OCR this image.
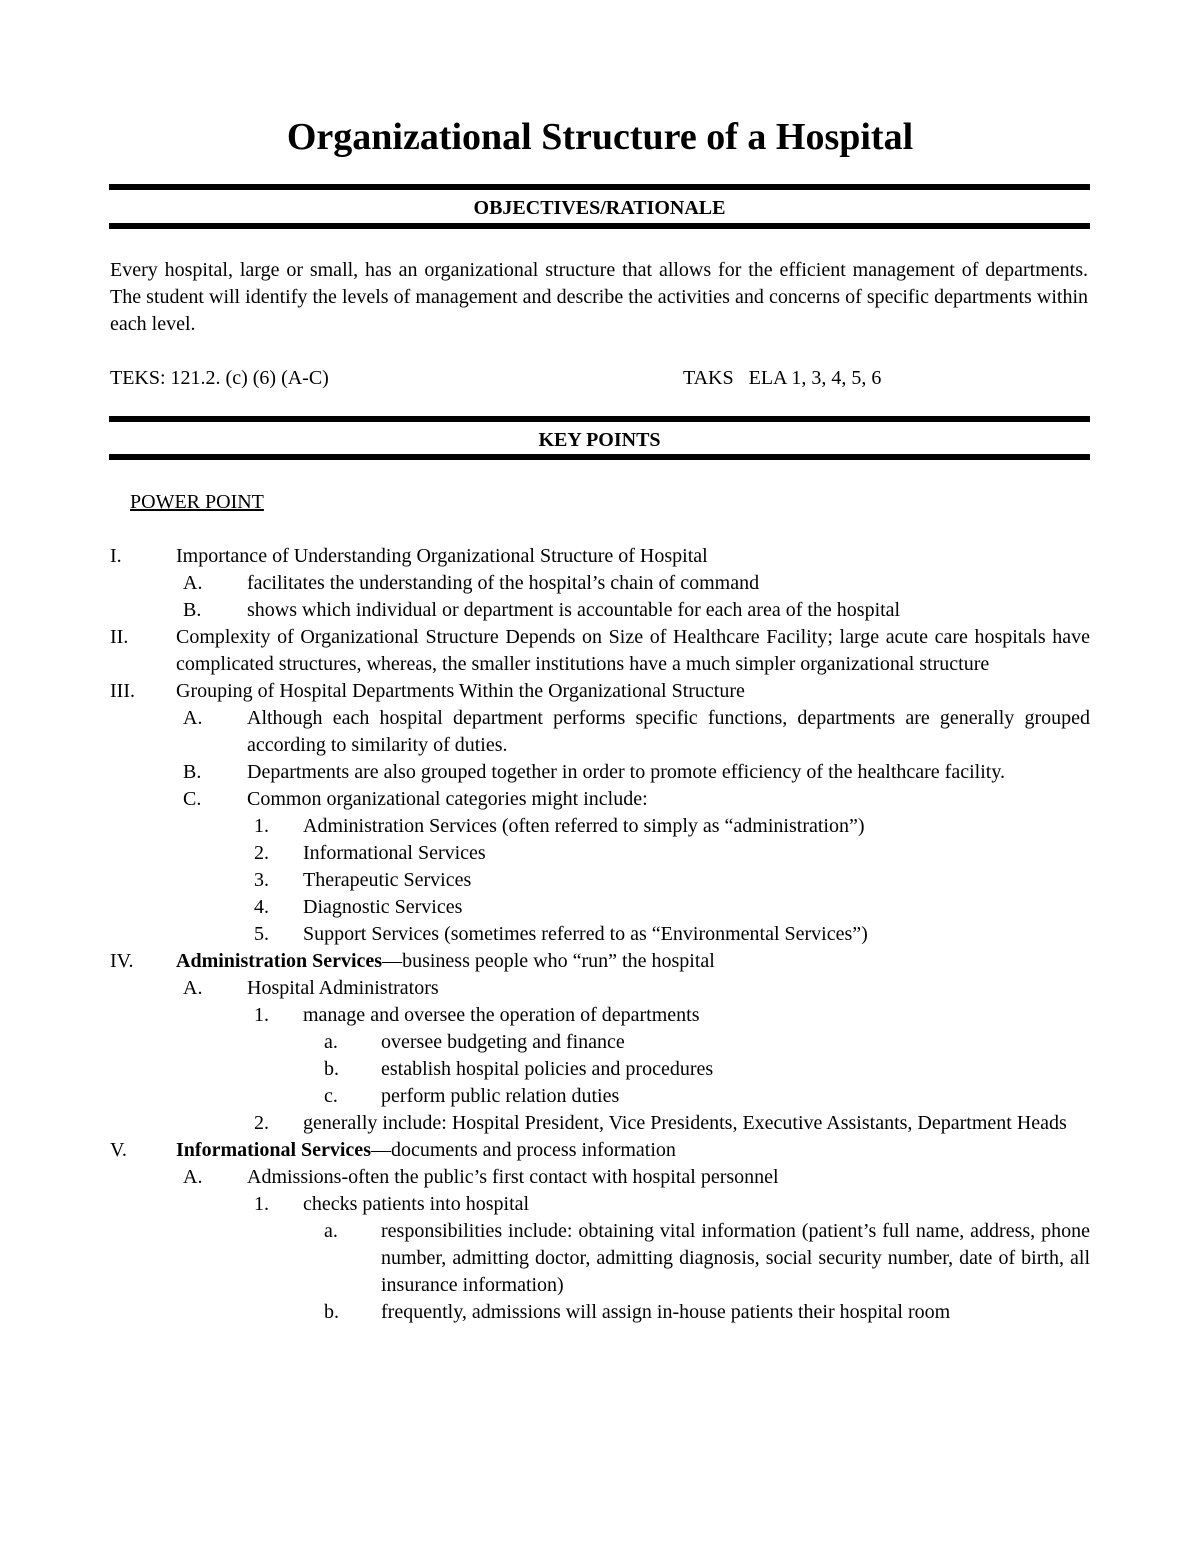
Organizational Structure of a Hospital
OBJECTIVES/RATIONALE
Every hospital, large or small, has an organizational structure that allows for the efficient management of departments. The student will identify the levels of management and describe the activities and concerns of specific departments within each level.
TEKS: 121.2. (c) (6) (A-C)	TAKS   ELA 1, 3, 4, 5, 6
KEY POINTS
POWER POINT
I.	Importance of Understanding Organizational Structure of Hospital
A. facilitates the understanding of the hospital’s chain of command
B. shows which individual or department is accountable for each area of the hospital
II. Complexity of Organizational Structure Depends on Size of Healthcare Facility; large acute care hospitals have complicated structures, whereas, the smaller institutions have a much simpler organizational structure
III. Grouping of Hospital Departments Within the Organizational Structure
A. Although each hospital department performs specific functions, departments are generally grouped according to similarity of duties.
B. Departments are also grouped together in order to promote efficiency of the healthcare facility.
C. Common organizational categories might include:
1. Administration Services (often referred to simply as “administration”)
2. Informational Services
3. Therapeutic Services
4. Diagnostic Services
5. Support Services (sometimes referred to as “Environmental Services”)
IV. Administration Services—business people who “run” the hospital
A. Hospital Administrators
1. manage and oversee the operation of departments
a. oversee budgeting and finance
b. establish hospital policies and procedures
c. perform public relation duties
2. generally include: Hospital President, Vice Presidents, Executive Assistants, Department Heads
V. Informational Services—documents and process information
A. Admissions-often the public’s first contact with hospital personnel
1. checks patients into hospital
a. responsibilities include: obtaining vital information (patient’s full name, address, phone number, admitting doctor, admitting diagnosis, social security number, date of birth, all insurance information)
b. frequently, admissions will assign in-house patients their hospital room
